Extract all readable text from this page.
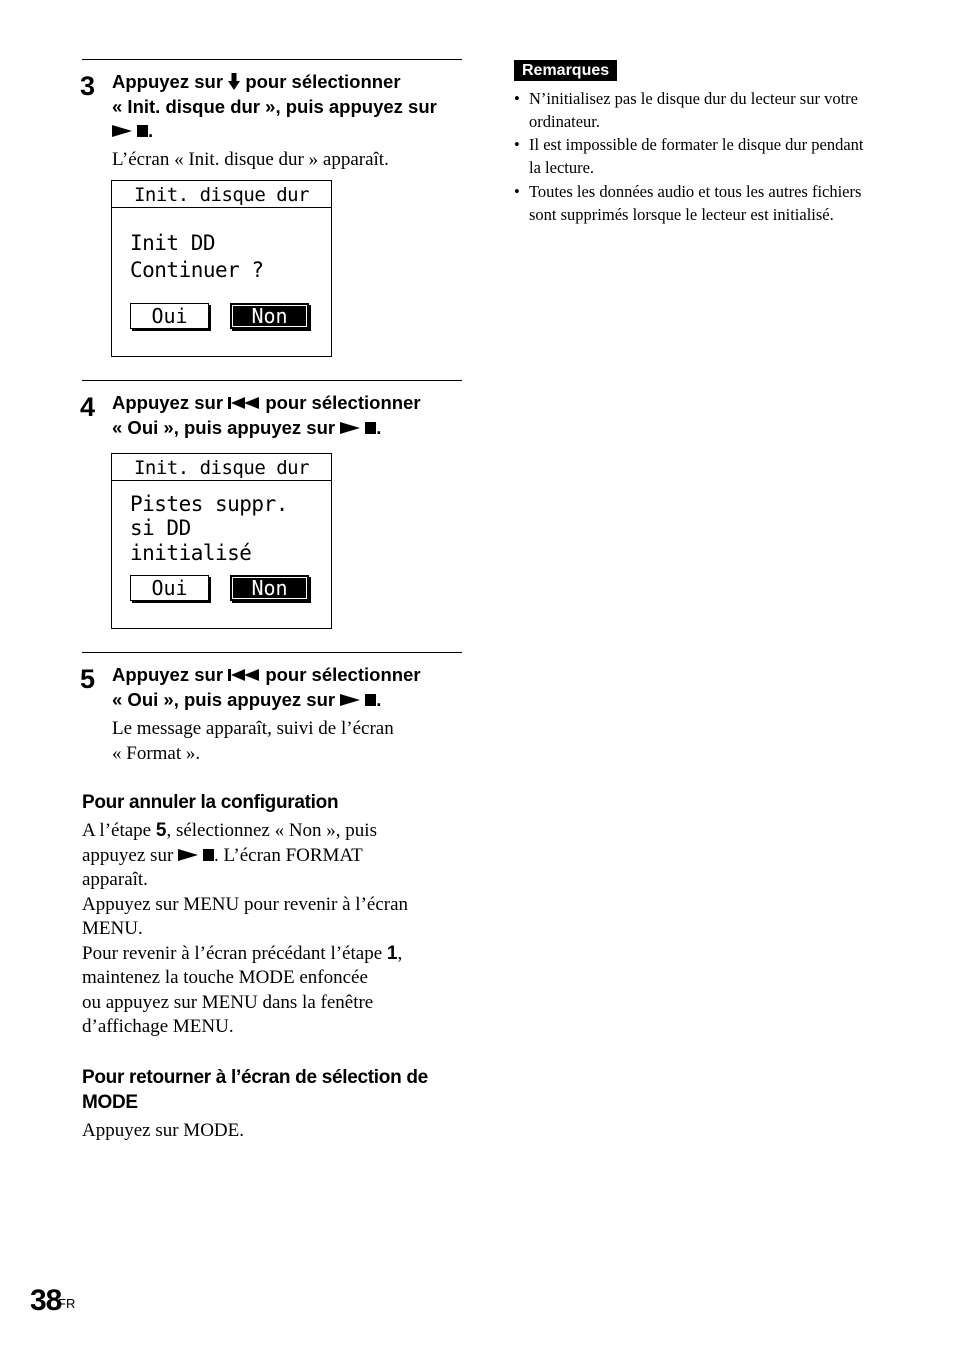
3 Appuyez sur pour sélectionner
« Init. disque dur », puis appuyez sur
.
L’écran « Init. disque dur » apparaît.
Init. disque dur
Init DD
Continuer ?
Oui	Non
4 Appuyez sur pour sélectionner
« Oui », puis appuyez sur .
Init. disque dur
Pistes suppr.
si DD
initialisé
Oui	Non
5 Appuyez sur pour sélectionner
« Oui », puis appuyez sur .
Le message apparaît, suivi de l’écran
« Format ».
Pour annuler la configuration
A l’étape 5, sélectionnez « Non », puis
appuyez sur . L’écran FORMAT
apparaît.
Appuyez sur MENU pour revenir à l’écran
MENU.
Pour revenir à l’écran précédant l’étape 1,
maintenez la touche MODE enfoncée
ou appuyez sur MENU dans la fenêtre
d’affichage MENU.
Pour retourner à l’écran de sélection de
MODE
Appuyez sur MODE.
Remarques
• N’initialisez pas le disque dur du lecteur sur votre
ordinateur.
• Il est impossible de formater le disque dur pendant
la lecture.
• Toutes les données audio et tous les autres fichiers
sont supprimés lorsque le lecteur est initialisé.
38
FR
